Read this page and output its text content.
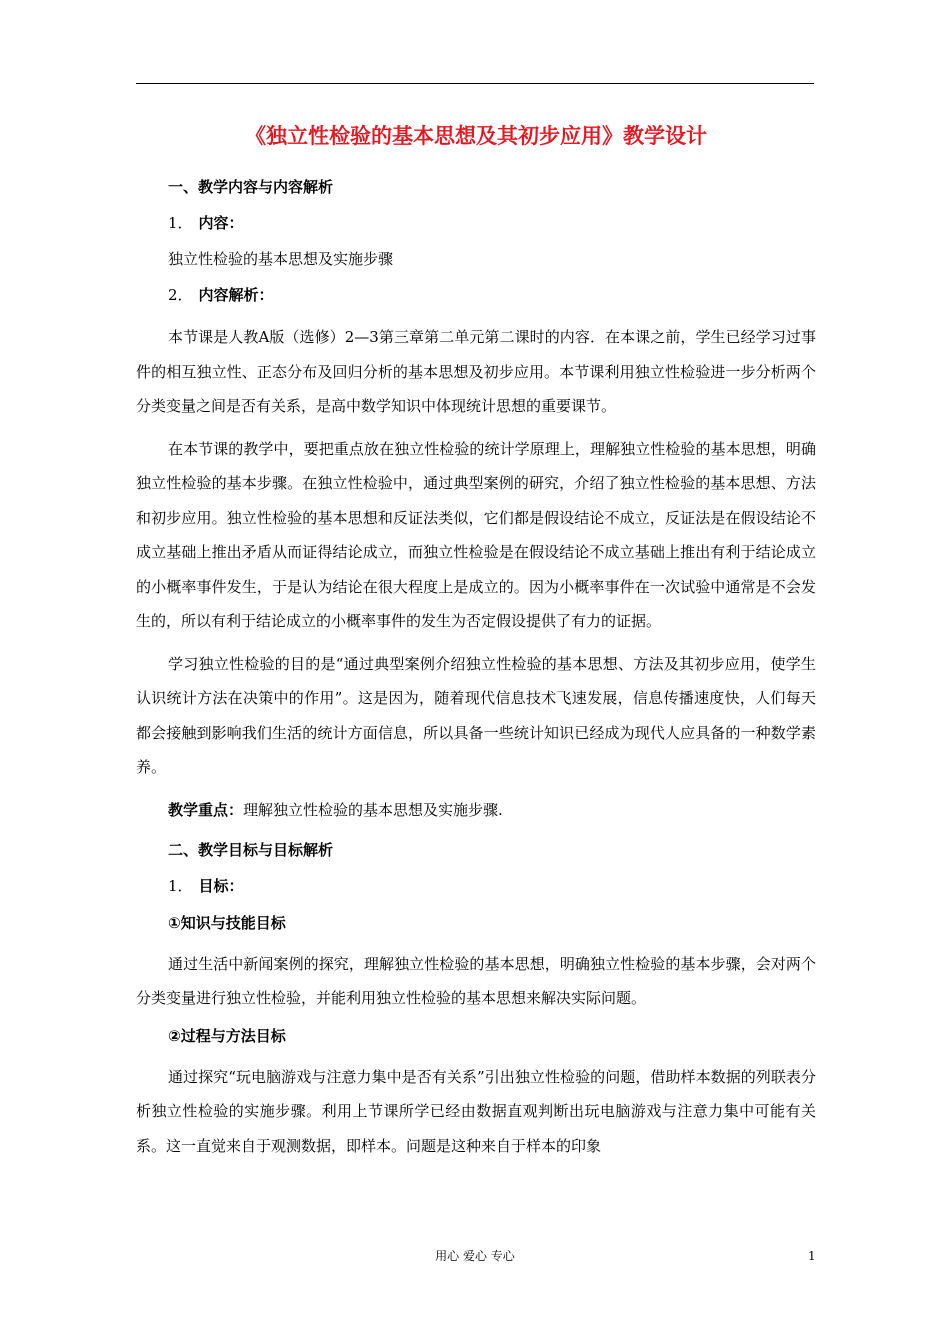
《独立性检验的基本思想及其初步应用》教学设计
一、教学内容与内容解析
1． 内容：
独立性检验的基本思想及实施步骤
2． 内容解析：

本节课是人教A版（选修）2—3第三章第二单元第二课时的内容．在本课之前，学生已经学习过事件的相互独立性、正态分布及回归分析的基本思想及初步应用。本节课利用独立性检验进一步分析两个分类变量之间是否有关系，是高中数学知识中体现统计思想的重要课节。

在本节课的教学中，要把重点放在独立性检验的统计学原理上，理解独立性检验的基本思想，明确独立性检验的基本步骤。在独立性检验中，通过典型案例的研究，介绍了独立性检验的基本思想、方法和初步应用。独立性检验的基本思想和反证法类似，它们都是假设结论不成立，反证法是在假设结论不成立基础上推出矛盾从而证得结论成立，而独立性检验是在假设结论不成立基础上推出有利于结论成立的小概率事件发生，于是认为结论在很大程度上是成立的。因为小概率事件在一次试验中通常是不会发生的，所以有利于结论成立的小概率事件的发生为否定假设提供了有力的证据。

学习独立性检验的目的是“通过典型案例介绍独立性检验的基本思想、方法及其初步应用，使学生认识统计方法在决策中的作用”。这是因为，随着现代信息技术飞速发展，信息传播速度快，人们每天都会接触到影响我们生活的统计方面信息，所以具备一些统计知识已经成为现代人应具备的一种数学素养。

教学重点：理解独立性检验的基本思想及实施步骤.
二、教学目标与目标解析
1． 目标：
①知识与技能目标

通过生活中新闻案例的探究，理解独立性检验的基本思想，明确独立性检验的基本步骤，会对两个分类变量进行独立性检验，并能利用独立性检验的基本思想来解决实际问题。

②过程与方法目标

通过探究“玩电脑游戏与注意力集中是否有关系”引出独立性检验的问题，借助样本数据的列联表分析独立性检验的实施步骤。利用上节课所学已经由数据直观判断出玩电脑游戏与注意力集中可能有关系。这一直觉来自于观测数据，即样本。问题是这种来自于样本的印象

用心 爱心 专心	1
